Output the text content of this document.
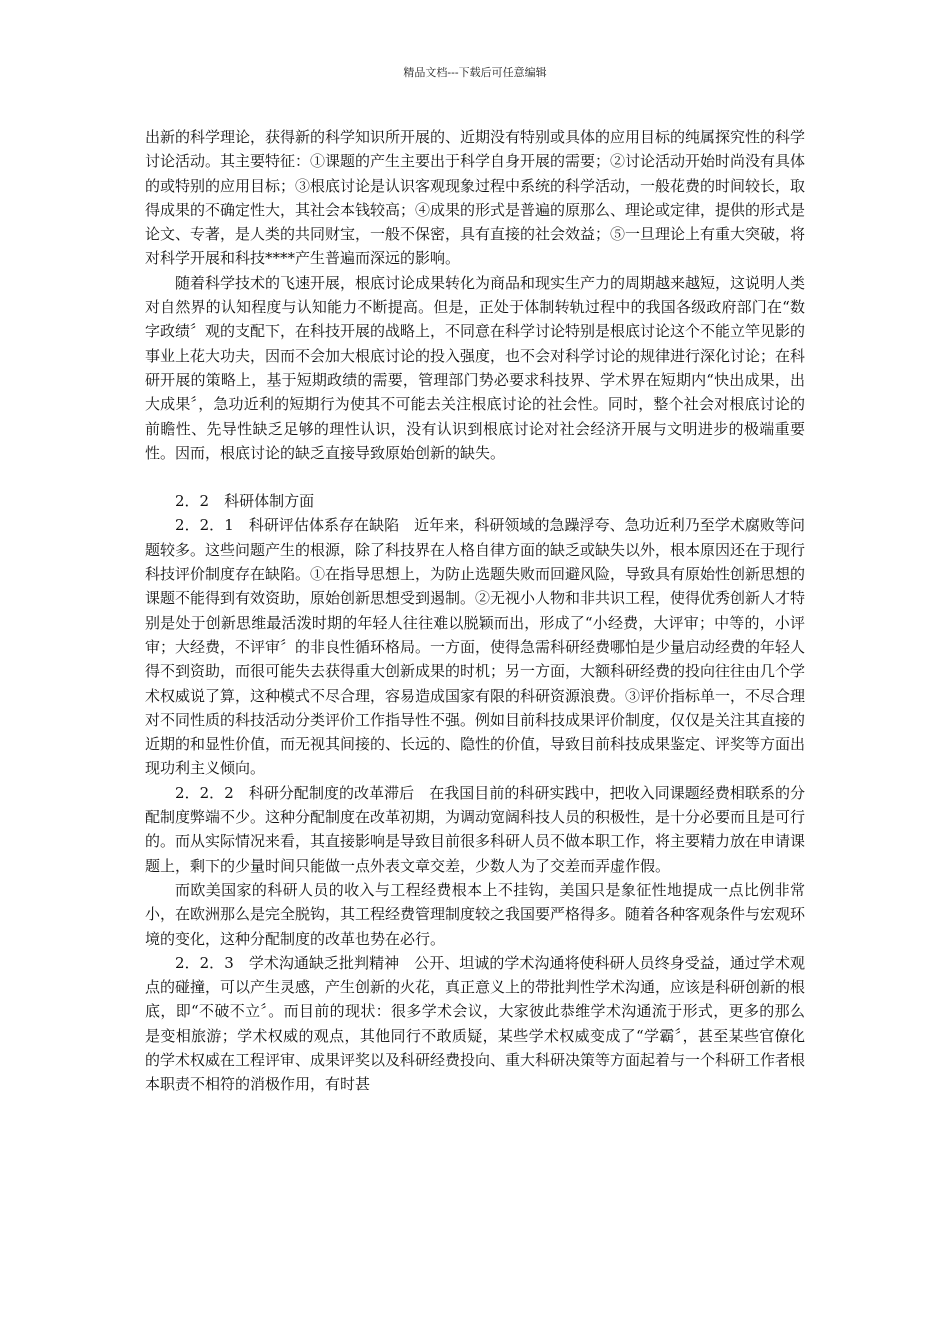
精品文档---下载后可任意编辑

出新的科学理论，获得新的科学知识所开展的、近期没有特别或具体的应用目标的纯属探究性的科学讨论活动。其主要特征：①课题的产生主要出于科学自身开展的需要；②讨论活动开始时尚没有具体的或特别的应用目标；③根底讨论是认识客观现象过程中系统的科学活动，一般花费的时间较长，取得成果的不确定性大，其社会本钱较高；④成果的形式是普遍的原那么、理论或定律，提供的形式是论文、专著，是人类的共同财宝，一般不保密，具有直接的社会效益；⑤一旦理论上有重大突破，将对科学开展和科技****产生普遍而深远的影响。

随着科学技术的飞速开展，根底讨论成果转化为商品和现实生产力的周期越来越短，这说明人类对自然界的认知程度与认知能力不断提高。但是，正处于体制转轨过程中的我国各级政府部门在“数字政绩〞观的支配下，在科技开展的战略上，不同意在科学讨论特别是根底讨论这个不能立竿见影的事业上花大功夫，因而不会加大根底讨论的投入强度，也不会对科学讨论的规律进行深化讨论；在科研开展的策略上，基于短期政绩的需要，管理部门势必要求科技界、学术界在短期内“快出成果，出大成果〞，急功近利的短期行为使其不可能去关注根底讨论的社会性。同时，整个社会对根底讨论的前瞻性、先导性缺乏足够的理性认识，没有认识到根底讨论对社会经济开展与文明进步的极端重要性。因而，根底讨论的缺乏直接导致原始创新的缺失。

2．2　科研体制方面

2．2．1　科研评估体系存在缺陷　近年来，科研领域的急躁浮夸、急功近利乃至学术腐败等问题较多。这些问题产生的根源，除了科技界在人格自律方面的缺乏或缺失以外，根本原因还在于现行科技评价制度存在缺陷。①在指导思想上，为防止选题失败而回避风险，导致具有原始性创新思想的课题不能得到有效资助，原始创新思想受到遏制。②无视小人物和非共识工程，使得优秀创新人才特别是处于创新思维最活泼时期的年轻人往往难以脱颖而出，形成了“小经费，大评审；中等的，小评审；大经费，不评审〞的非良性循环格局。一方面，使得急需科研经费哪怕是少量启动经费的年轻人得不到资助，而很可能失去获得重大创新成果的时机；另一方面，大额科研经费的投向往往由几个学术权威说了算，这种模式不尽合理，容易造成国家有限的科研资源浪费。③评价指标单一，不尽合理对不同性质的科技活动分类评价工作指导性不强。例如目前科技成果评价制度，仅仅是关注其直接的近期的和显性价值，而无视其间接的、长远的、隐性的价值，导致目前科技成果鉴定、评奖等方面出现功利主义倾向。

2．2．2　科研分配制度的改革滞后　在我国目前的科研实践中，把收入同课题经费相联系的分配制度弊端不少。这种分配制度在改革初期，为调动宽阔科技人员的积极性，是十分必要而且是可行的。而从实际情况来看，其直接影响是导致目前很多科研人员不做本职工作，将主要精力放在申请课题上，剩下的少量时间只能做一点外表文章交差，少数人为了交差而弄虚作假。

而欧美国家的科研人员的收入与工程经费根本上不挂钩，美国只是象征性地提成一点比例非常小，在欧洲那么是完全脱钩，其工程经费管理制度较之我国要严格得多。随着各种客观条件与宏观环境的变化，这种分配制度的改革也势在必行。

2．2．3　学术沟通缺乏批判精神　公开、坦诚的学术沟通将使科研人员终身受益，通过学术观点的碰撞，可以产生灵感，产生创新的火花，真正意义上的带批判性学术沟通，应该是科研创新的根底，即“不破不立〞。而目前的现状：很多学术会议，大家彼此恭维学术沟通流于形式，更多的那么是变相旅游；学术权威的观点，其他同行不敢质疑，某些学术权威变成了“学霸〞，甚至某些官僚化的学术权威在工程评审、成果评奖以及科研经费投向、重大科研决策等方面起着与一个科研工作者根本职责不相符的消极作用，有时甚
